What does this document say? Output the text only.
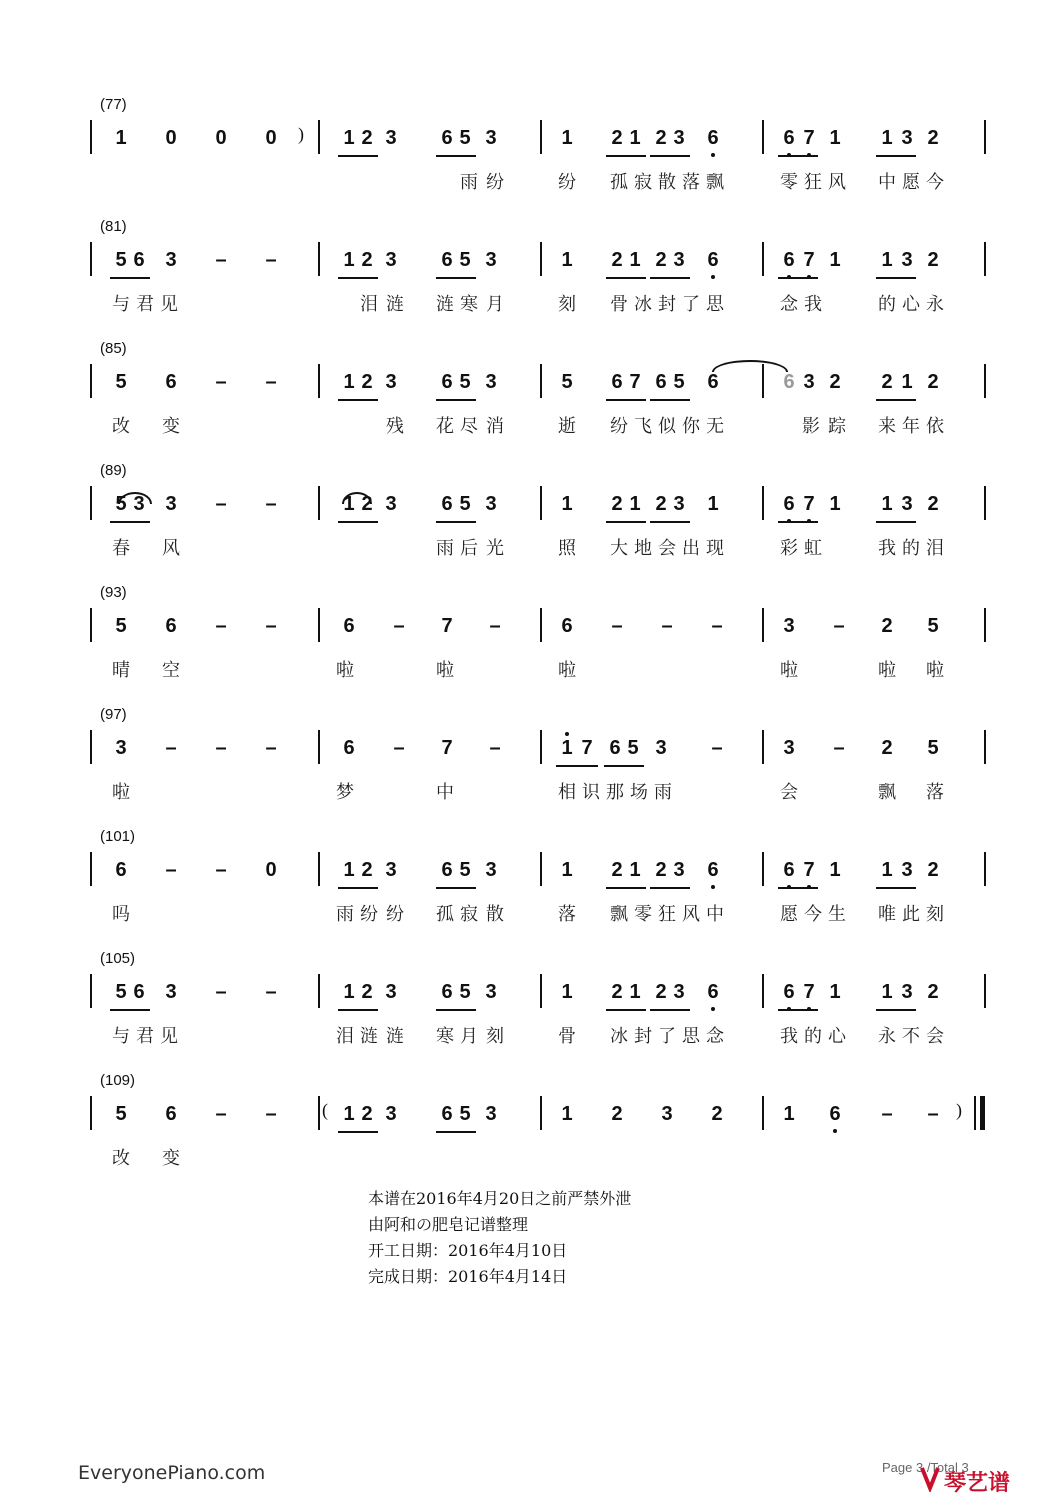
(77)
1 0 0 0	1 2 3 6 5 3	1 2 1 2 3 6	6 7 1 1 3 2
雨 纷	纷 孤 寂 散 落 飘	零 狂 风 中 愿 今
(81)
5 6 3 – –	1 2 3 6 5 3	1 2 1 2 3 6	6 7 1 1 3 2
与 君 见	泪 涟 涟 寒 月	刻 骨 冰 封 了 思	念 我	的 心 永
(85)
5 6 – –	1 2 3 6 5 3	5 6 7 6 5 6	6 3 2 2 1 2
改 变	残 花 尽 消	逝 纷 飞 似 你 无	影 踪 来 年 依
(89)
5 3 3 – –	1 2 3 6 5 3	1 2 1 2 3 1	6 7 1 1 3 2
春 风	雨 后 光	照 大 地 会 出 现	彩 虹	我 的 泪
(93)
5 6 – –	6 – 7 –	6 – – –	3 – 2 5
晴 空	啦	啦	啦	啦	啦 啦
(97)
3 – – –	6 – 7 –	1 7 6 5 3 –	3 – 2 5
啦	梦	中	相 识 那 场 雨	会	飘 落
(101)
6 – – 0	1 2 3 6 5 3	1 2 1 2 3 6	6 7 1 1 3 2
吗	雨 纷 纷 孤 寂 散	落 飘 零 狂 风 中	愿 今 生 唯 此 刻
(105)
5 6 3 – –	1 2 3 6 5 3	1 2 1 2 3 6	6 7 1 1 3 2
与 君 见	泪 涟 涟 寒 月 刻	骨 冰 封 了 思 念	我 的 心 永 不 会
(109)
5 6 – –	1 2 3 6 5 3	1 2 3 2	1 6 – –
改 变
)
(	)
本谱在2016年4月20日之前严禁外泄
由阿和の肥皂记谱整理
开工日期：2016年4月10日
完成日期：2016年4月14日
EveryonePiano.com	Page 3 /Total 3
琴艺谱
